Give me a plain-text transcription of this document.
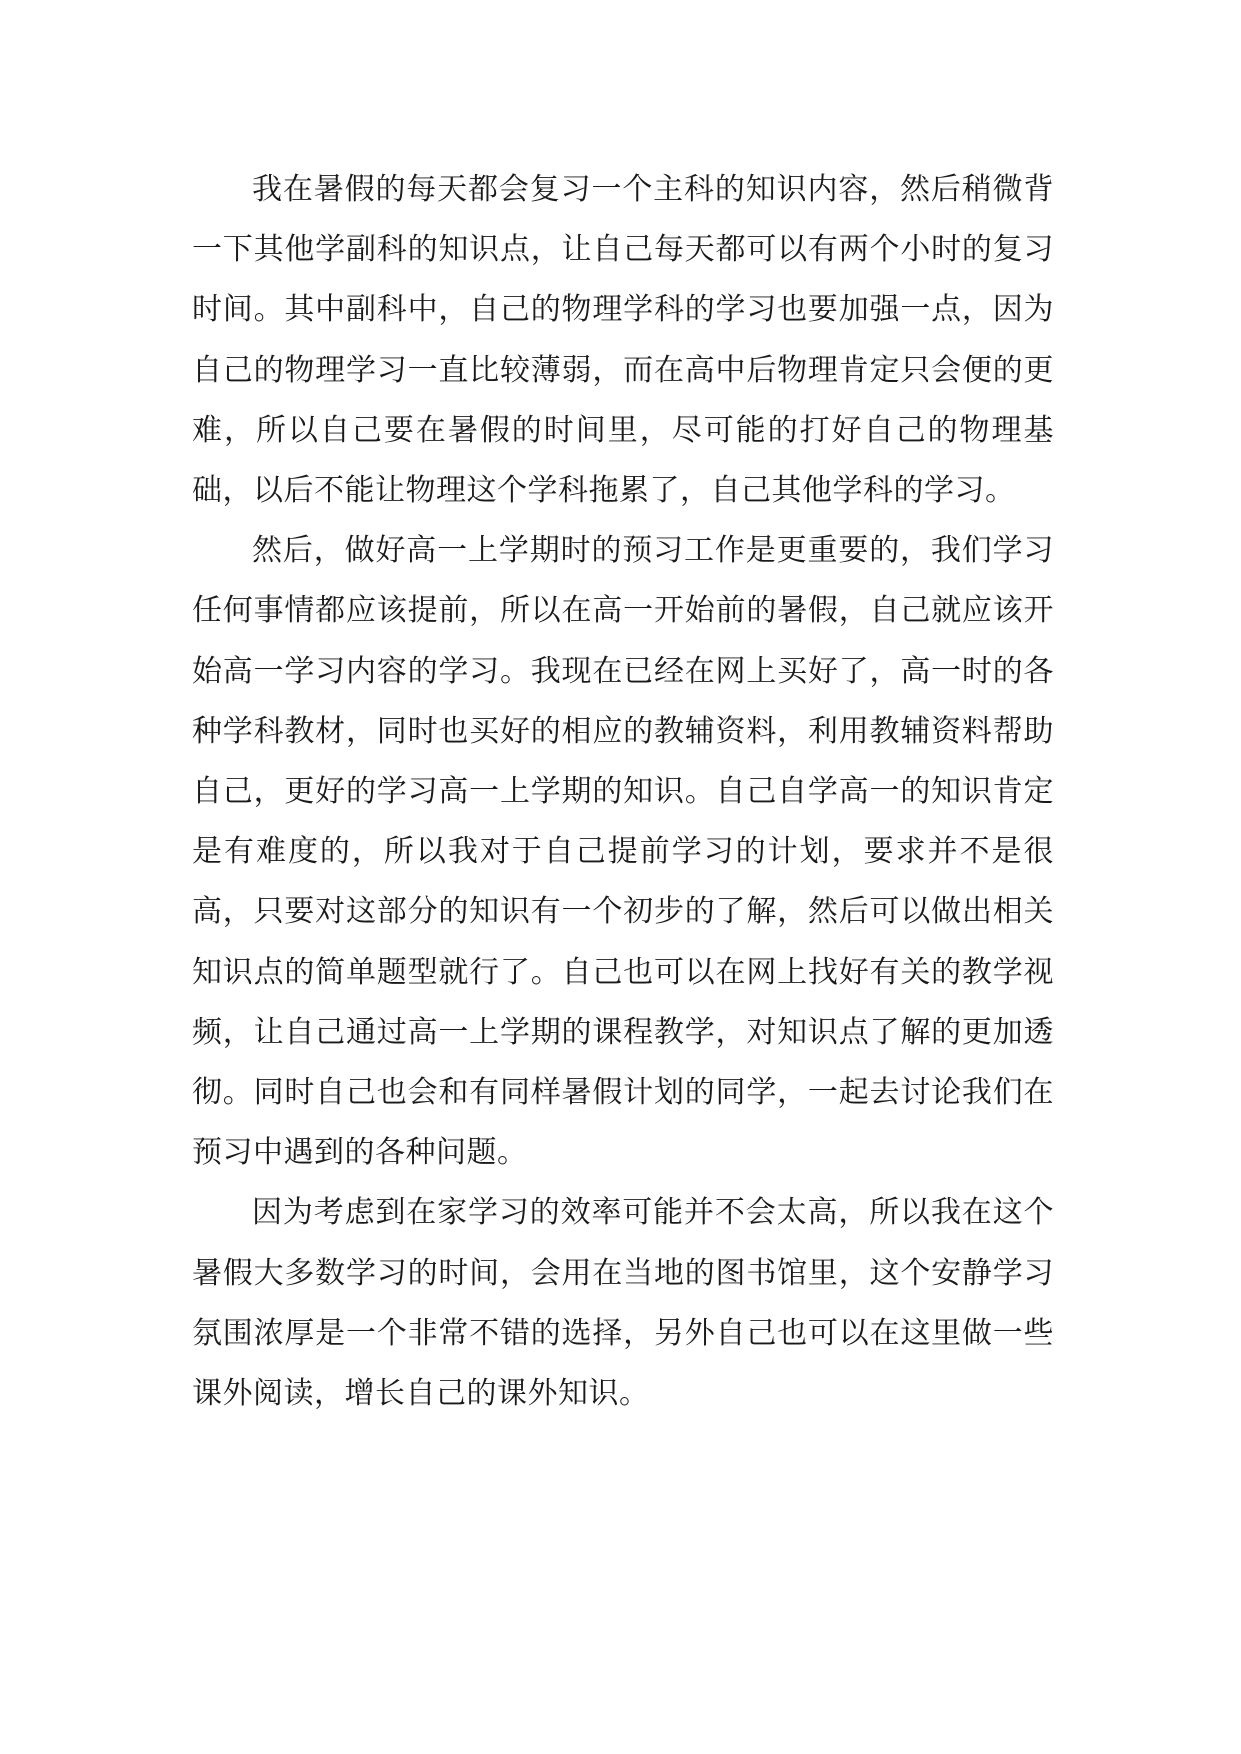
我在暑假的每天都会复习一个主科的知识内容，然后稍微背一下其他学副科的知识点，让自己每天都可以有两个小时的复习时间。其中副科中，自己的物理学科的学习也要加强一点，因为自己的物理学习一直比较薄弱，而在高中后物理肯定只会便的更难，所以自己要在暑假的时间里，尽可能的打好自己的物理基础，以后不能让物理这个学科拖累了，自己其他学科的学习。

然后，做好高一上学期时的预习工作是更重要的，我们学习任何事情都应该提前，所以在高一开始前的暑假，自己就应该开始高一学习内容的学习。我现在已经在网上买好了，高一时的各种学科教材，同时也买好的相应的教辅资料，利用教辅资料帮助自己，更好的学习高一上学期的知识。自己自学高一的知识肯定是有难度的，所以我对于自己提前学习的计划，要求并不是很高，只要对这部分的知识有一个初步的了解，然后可以做出相关知识点的简单题型就行了。自己也可以在网上找好有关的教学视频，让自己通过高一上学期的课程教学，对知识点了解的更加透彻。同时自己也会和有同样暑假计划的同学，一起去讨论我们在预习中遇到的各种问题。

因为考虑到在家学习的效率可能并不会太高，所以我在这个暑假大多数学习的时间，会用在当地的图书馆里，这个安静学习氛围浓厚是一个非常不错的选择，另外自己也可以在这里做一些课外阅读，增长自己的课外知识。
